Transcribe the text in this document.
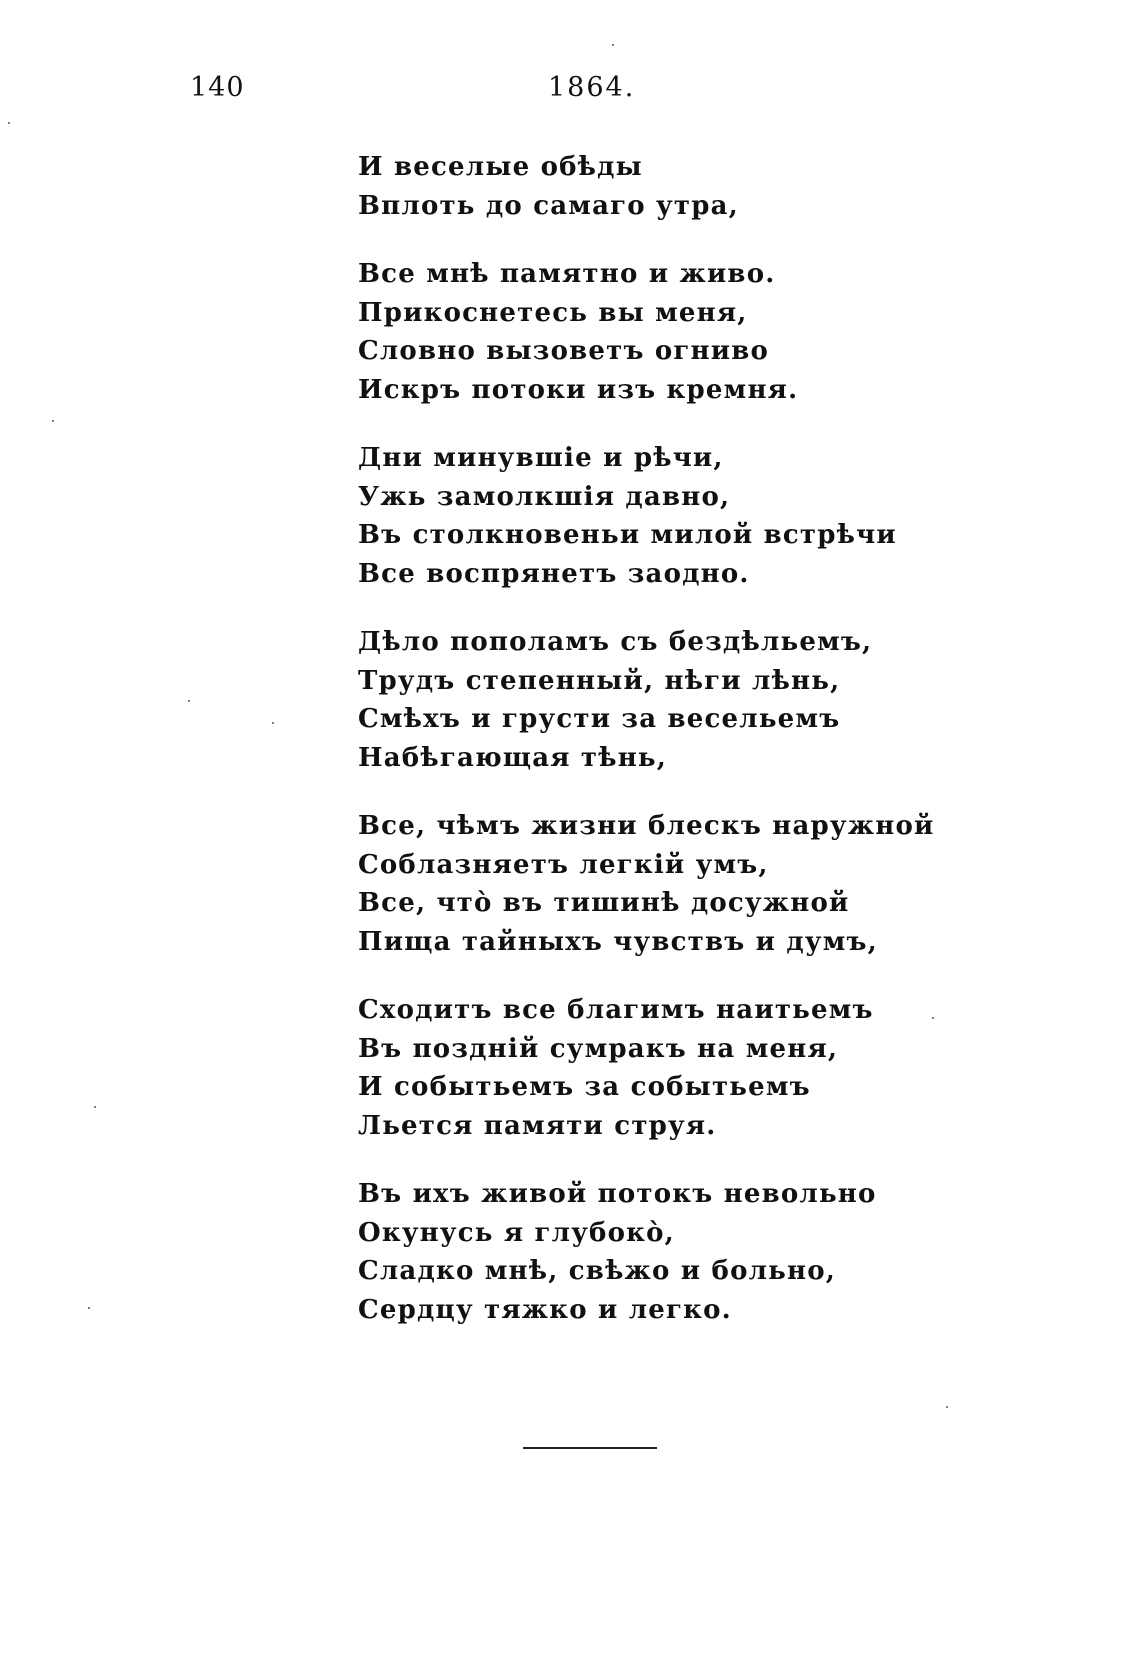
140	1864.
И веселые обѣды
Вплоть до самаго утра,
Все мнѣ памятно и живо.
Прикоснетесь вы меня,
Словно вызоветъ огниво
Искръ потоки изъ кремня.
Дни минувшіе и рѣчи,
Ужь замолкшія давно,
Въ столкновеньи милой встрѣчи
Все воспрянетъ заодно.
Дѣло пополамъ съ бездѣльемъ,
Трудъ степенный, нѣги лѣнь,
Смѣхъ и грусти за весельемъ
Набѣгающая тѣнь,
Все, чѣмъ жизни блескъ наружной
Соблазняетъ легкій умъ,
Все, что̀ въ тишинѣ досужной
Пища тайныхъ чувствъ и думъ,
Сходитъ все благимъ наитьемъ
Въ поздній сумракъ на меня,
И событьемъ за событьемъ
Льется памяти струя.
Въ ихъ живой потокъ невольно
Окунусь я глубоко̀,
Сладко мнѣ, свѣжо и больно,
Сердцу тяжко и легко.
